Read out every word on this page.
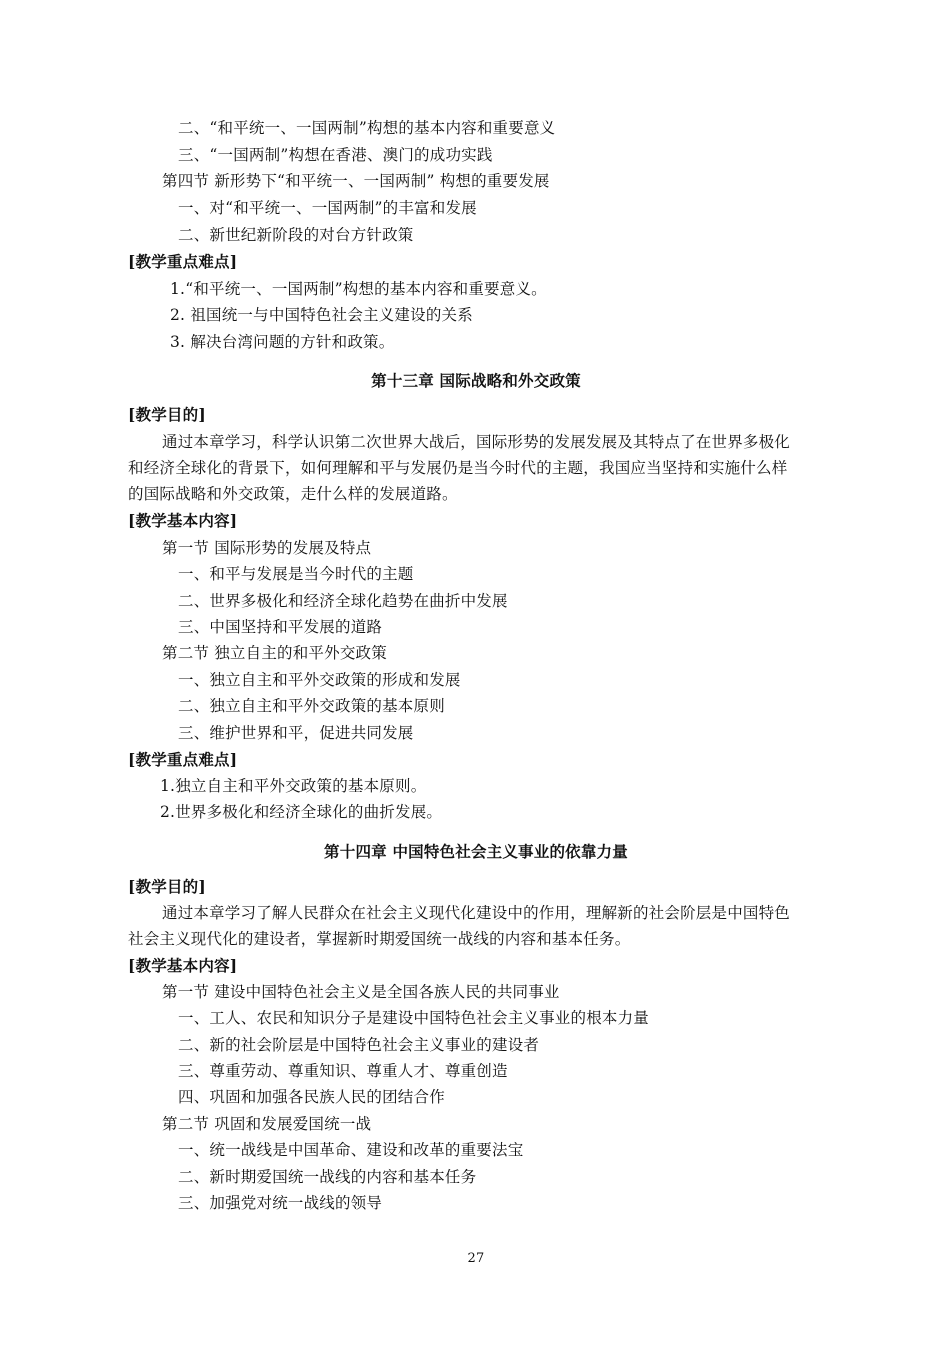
二、“和平统一、一国两制”构想的基本内容和重要意义
三、“一国两制”构想在香港、澳门的成功实践
第四节 新形势下“和平统一、一国两制” 构想的重要发展
一、对“和平统一、一国两制”的丰富和发展
二、新世纪新阶段的对台方针政策
[教学重点难点]
1.“和平统一、一国两制”构想的基本内容和重要意义。
2. 祖国统一与中国特色社会主义建设的关系
3. 解决台湾问题的方针和政策。
第十三章 国际战略和外交政策
[教学目的]
通过本章学习，科学认识第二次世界大战后，国际形势的发展发展及其特点了在世界多极化
和经济全球化的背景下，如何理解和平与发展仍是当今时代的主题，我国应当坚持和实施什么样
的国际战略和外交政策，走什么样的发展道路。
[教学基本内容]
第一节 国际形势的发展及特点
一、和平与发展是当今时代的主题
二、世界多极化和经济全球化趋势在曲折中发展
三、中国坚持和平发展的道路
第二节 独立自主的和平外交政策
一、独立自主和平外交政策的形成和发展
二、独立自主和平外交政策的基本原则
三、维护世界和平，促进共同发展
[教学重点难点]
1.独立自主和平外交政策的基本原则。
2.世界多极化和经济全球化的曲折发展。
第十四章 中国特色社会主义事业的依靠力量
[教学目的]
通过本章学习了解人民群众在社会主义现代化建设中的作用，理解新的社会阶层是中国特色
社会主义现代化的建设者，掌握新时期爱国统一战线的内容和基本任务。
[教学基本内容]
第一节 建设中国特色社会主义是全国各族人民的共同事业
一、工人、农民和知识分子是建设中国特色社会主义事业的根本力量
二、新的社会阶层是中国特色社会主义事业的建设者
三、尊重劳动、尊重知识、尊重人才、尊重创造
四、巩固和加强各民族人民的团结合作
第二节 巩固和发展爱国统一战
一、统一战线是中国革命、建设和改革的重要法宝
二、新时期爱国统一战线的内容和基本任务
三、加强党对统一战线的领导
27
